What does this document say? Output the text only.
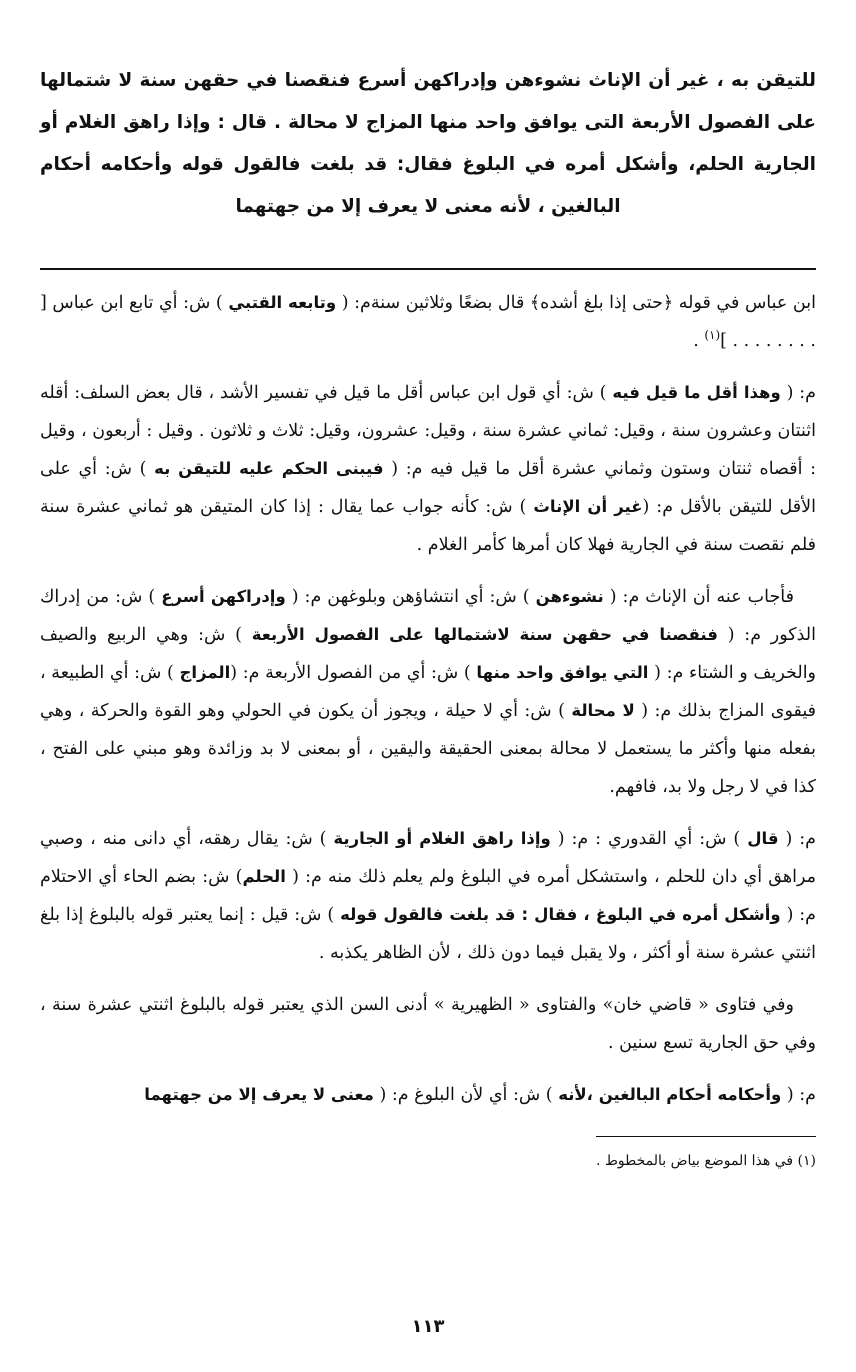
للتيقن به ، غير أن الإناث نشوءهن وإدراكهن أسرع فنقصنا في حقهن سنة لا شتمالها على الفصول الأربعة التى يوافق واحد منها المزاج لا محالة . قال : وإذا راهق الغلام أو الجارية الحلم، وأشكل أمره في البلوغ فقال: قد بلغت فالقول قوله وأحكامه أحكام البالغين ، لأنه معنى لا يعرف إلا من جهتهما

ابن عباس في قوله ﴿حتى إذا بلغ أشده﴾ قال بضعًا وثلاثين سنةم: ( وتابعه القتبي ) ش: أي تابع ابن عباس [ . . . . . . . . ]$^{(١)}$ .

م: ( وهذا أقل ما قيل فيه ) ش: أي قول ابن عباس أقل ما قيل في تفسير الأشد ، قال بعض السلف: أقله اثنتان وعشرون سنة ، وقيل: ثماني عشرة سنة ، وقيل: عشرون، وقيل: ثلاث و ثلاثون . وقيل : أربعون ، وقيل : أقصاه ثنتان وستون وثماني عشرة أقل ما قيل فيه م: ( فيبنى الحكم عليه للتيقن به ) ش: أي على الأقل للتيقن بالأقل م: (غير أن الإناث ) ش: كأنه جواب عما يقال : إذا كان المتيقن هو ثماني عشرة سنة فلم نقصت سنة في الجارية فهلا كان أمرها كأمر الغلام .

فأجاب عنه أن الإناث م: ( نشوءهن ) ش: أي انتشاؤهن وبلوغهن م: ( وإدراكهن أسرع ) ش: من إدراك الذكور م: ( فنقصنا في حقهن سنة لاشتمالها على الفصول الأربعة ) ش: وهي الربيع والصيف والخريف و الشتاء م: ( التي يوافق واحد منها ) ش: أي من الفصول الأربعة م: (المزاج ) ش: أي الطبيعة ، فيقوى المزاج بذلك م: ( لا محالة ) ش: أي لا حيلة ، ويجوز أن يكون في الحولي وهو القوة والحركة ، وهي بفعله منها وأكثر ما يستعمل لا محالة بمعنى الحقيقة واليقين ، أو بمعنى لا بد وزائدة وهو مبني على الفتح ، كذا في لا رجل ولا بد، فافهم.

م: ( قال ) ش: أي القدوري : م: ( وإذا راهق الغلام أو الجارية ) ش: يقال رهقه، أي دانى منه ، وصبي مراهق أي دان للحلم ، واستشكل أمره في البلوغ ولم يعلم ذلك منه م: ( الحلم) ش: بضم الحاء أي الاحتلام م: ( وأشكل أمره في البلوغ ، فقال : قد بلغت فالقول قوله ) ش: قيل : إنما يعتبر قوله بالبلوغ إذا بلغ اثنتي عشرة سنة أو أكثر ، ولا يقبل فيما دون ذلك ، لأن الظاهر يكذبه .

وفي فتاوى « قاضي خان» والفتاوى « الظهيرية » أدنى السن الذي يعتبر قوله بالبلوغ اثنتي عشرة سنة ، وفي حق الجارية تسع سنين .

م: ( وأحكامه أحكام البالغين ،لأنه ) ش: أي لأن البلوغ م: ( معنى لا يعرف إلا من جهتهما

(١) في هذا الموضع بياض بالمخطوط .

١١٣
